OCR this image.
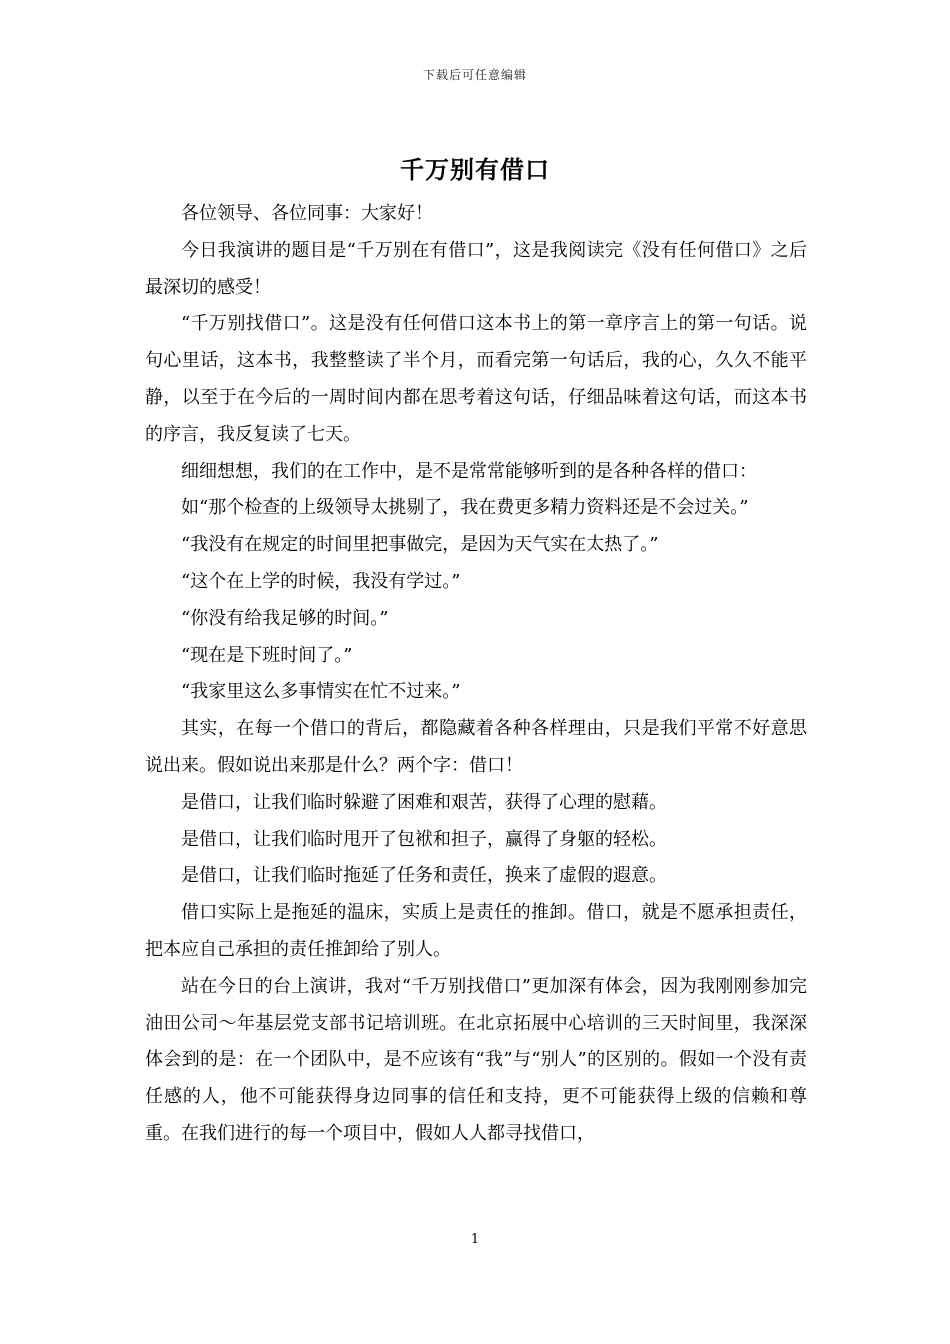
下载后可任意编辑
千万别有借口

各位领导、各位同事：大家好！

今日我演讲的题目是“千万别在有借口”，这是我阅读完《没有任何借口》之后最深切的感受！

“千万别找借口”。这是没有任何借口这本书上的第一章序言上的第一句话。说句心里话，这本书，我整整读了半个月，而看完第一句话后，我的心，久久不能平静，以至于在今后的一周时间内都在思考着这句话，仔细品味着这句话，而这本书的序言，我反复读了七天。

细细想想，我们的在工作中，是不是常常能够听到的是各种各样的借口：

如“那个检查的上级领导太挑剔了，我在费更多精力资料还是不会过关。”

“我没有在规定的时间里把事做完，是因为天气实在太热了。”

“这个在上学的时候，我没有学过。”

“你没有给我足够的时间。”

“现在是下班时间了。”

“我家里这么多事情实在忙不过来。”

其实，在每一个借口的背后，都隐藏着各种各样理由，只是我们平常不好意思说出来。假如说出来那是什么？两个字：借口！

是借口，让我们临时躲避了困难和艰苦，获得了心理的慰藉。

是借口，让我们临时甩开了包袱和担子，赢得了身躯的轻松。

是借口，让我们临时拖延了任务和责任，换来了虚假的遐意。

借口实际上是拖延的温床，实质上是责任的推卸。借口，就是不愿承担责任，把本应自己承担的责任推卸给了别人。

站在今日的台上演讲，我对“千万别找借口”更加深有体会，因为我刚刚参加完油田公司～年基层党支部书记培训班。在北京拓展中心培训的三天时间里，我深深体会到的是：在一个团队中，是不应该有“我”与“别人”的区别的。假如一个没有责任感的人，他不可能获得身边同事的信任和支持，更不可能获得上级的信赖和尊重。在我们进行的每一个项目中，假如人人都寻找借口，

1
